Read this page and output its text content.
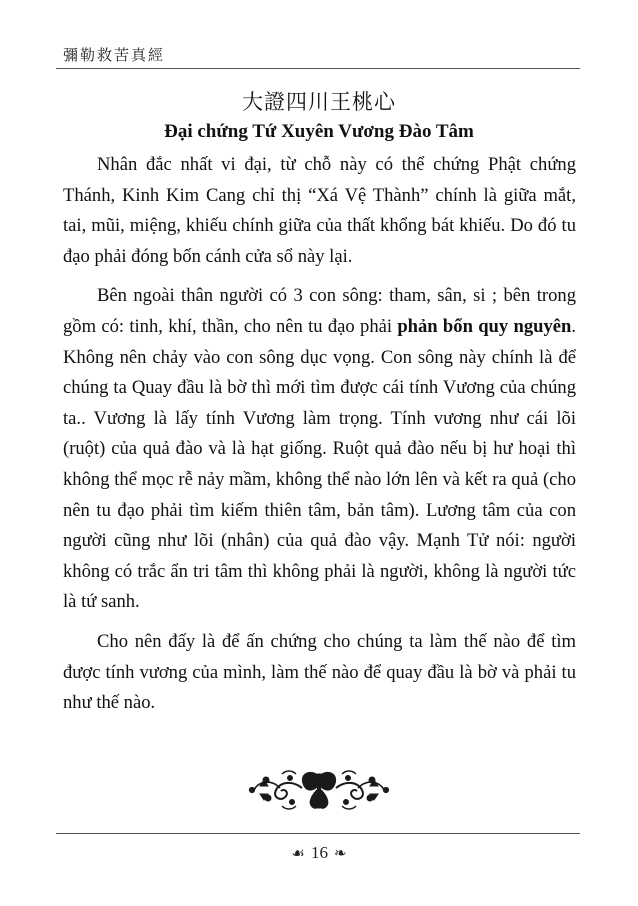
彌勒救苦真經
大證四川王桃心
Đại chứng Tứ Xuyên Vương Đào Tâm

Nhân đắc nhất vi đại, từ chỗ này có thể chứng Phật chứng Thánh, Kinh Kim Cang chỉ thị “Xá Vệ Thành” chính là giữa mắt, tai, mũi, miệng, khiếu chính giữa của thất khổng bát khiếu. Do đó tu đạo phải đóng bốn cánh cửa sổ này lại.

Bên ngoài thân người có 3 con sông: tham, sân, si ; bên trong gồm có: tinh, khí, thần, cho nên tu đạo phải phản bổn quy nguyên. Không nên chảy vào con sông dục vọng. Con sông này chính là để chúng ta Quay đầu là bờ thì mới tìm được cái tính Vương của chúng ta.. Vương là lấy tính Vương làm trọng. Tính vương như cái lõi (ruột) của quả đào và là hạt giống. Ruột quả đào nếu bị hư hoại thì không thể mọc rễ nảy mầm, không thể nào lớn lên và kết ra quả (cho nên tu đạo phải tìm kiếm thiên tâm, bản tâm). Lương tâm của con người cũng như lõi (nhân) của quả đào vậy. Mạnh Tử nói: người không có trắc ẩn tri tâm thì không phải là người, không là người tức là tứ sanh.

Cho nên đấy là để ấn chứng cho chúng ta làm thế nào để tìm được tính vương của mình, làm thế nào để quay đầu là bờ và phải tu như thế nào.

☙ 16 ❧
